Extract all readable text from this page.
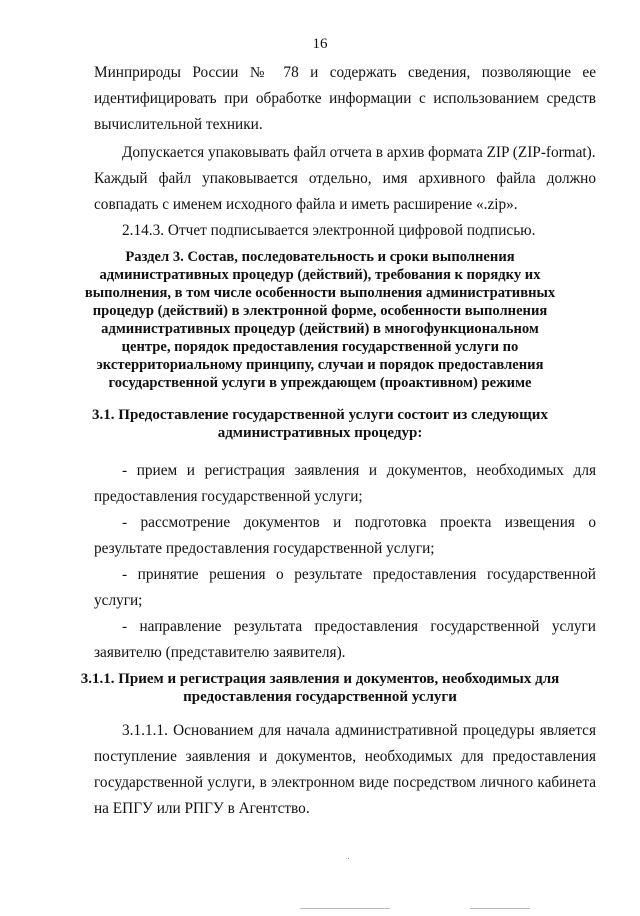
16
Минприроды России № 78 и содержать сведения, позволяющие ее
идентифицировать при обработке информации с использованием средств
вычислительной техники.
Допускается упаковывать файл отчета в архив формата ZIP (ZIP-format).
Каждый файл упаковывается отдельно, имя архивного файла должно
совпадать с именем исходного файла и иметь расширение «.zip».
2.14.3. Отчет подписывается электронной цифровой подписью.
Раздел 3. Состав, последовательность и сроки выполнения
административных процедур (действий), требования к порядку их
выполнения, в том числе особенности выполнения административных
процедур (действий) в электронной форме, особенности выполнения
административных процедур (действий) в многофункциональном
центре, порядок предоставления государственной услуги по
экстерриториальному принципу, случаи и порядок предоставления
государственной услуги в упреждающем (проактивном) режиме
3.1. Предоставление государственной услуги состоит из следующих
административных процедур:
- прием и регистрация заявления и документов, необходимых для
предоставления государственной услуги;
- рассмотрение документов и подготовка проекта извещения о
результате предоставления государственной услуги;
- принятие решения о результате предоставления государственной
услуги;
- направление результата предоставления государственной услуги
заявителю (представителю заявителя).
3.1.1. Прием и регистрация заявления и документов, необходимых для
предоставления государственной услуги
3.1.1.1. Основанием для начала административной процедуры является
поступление заявления и документов, необходимых для предоставления
государственной услуги, в электронном виде посредством личного кабинета
на ЕПГУ или РПГУ в Агентство.
